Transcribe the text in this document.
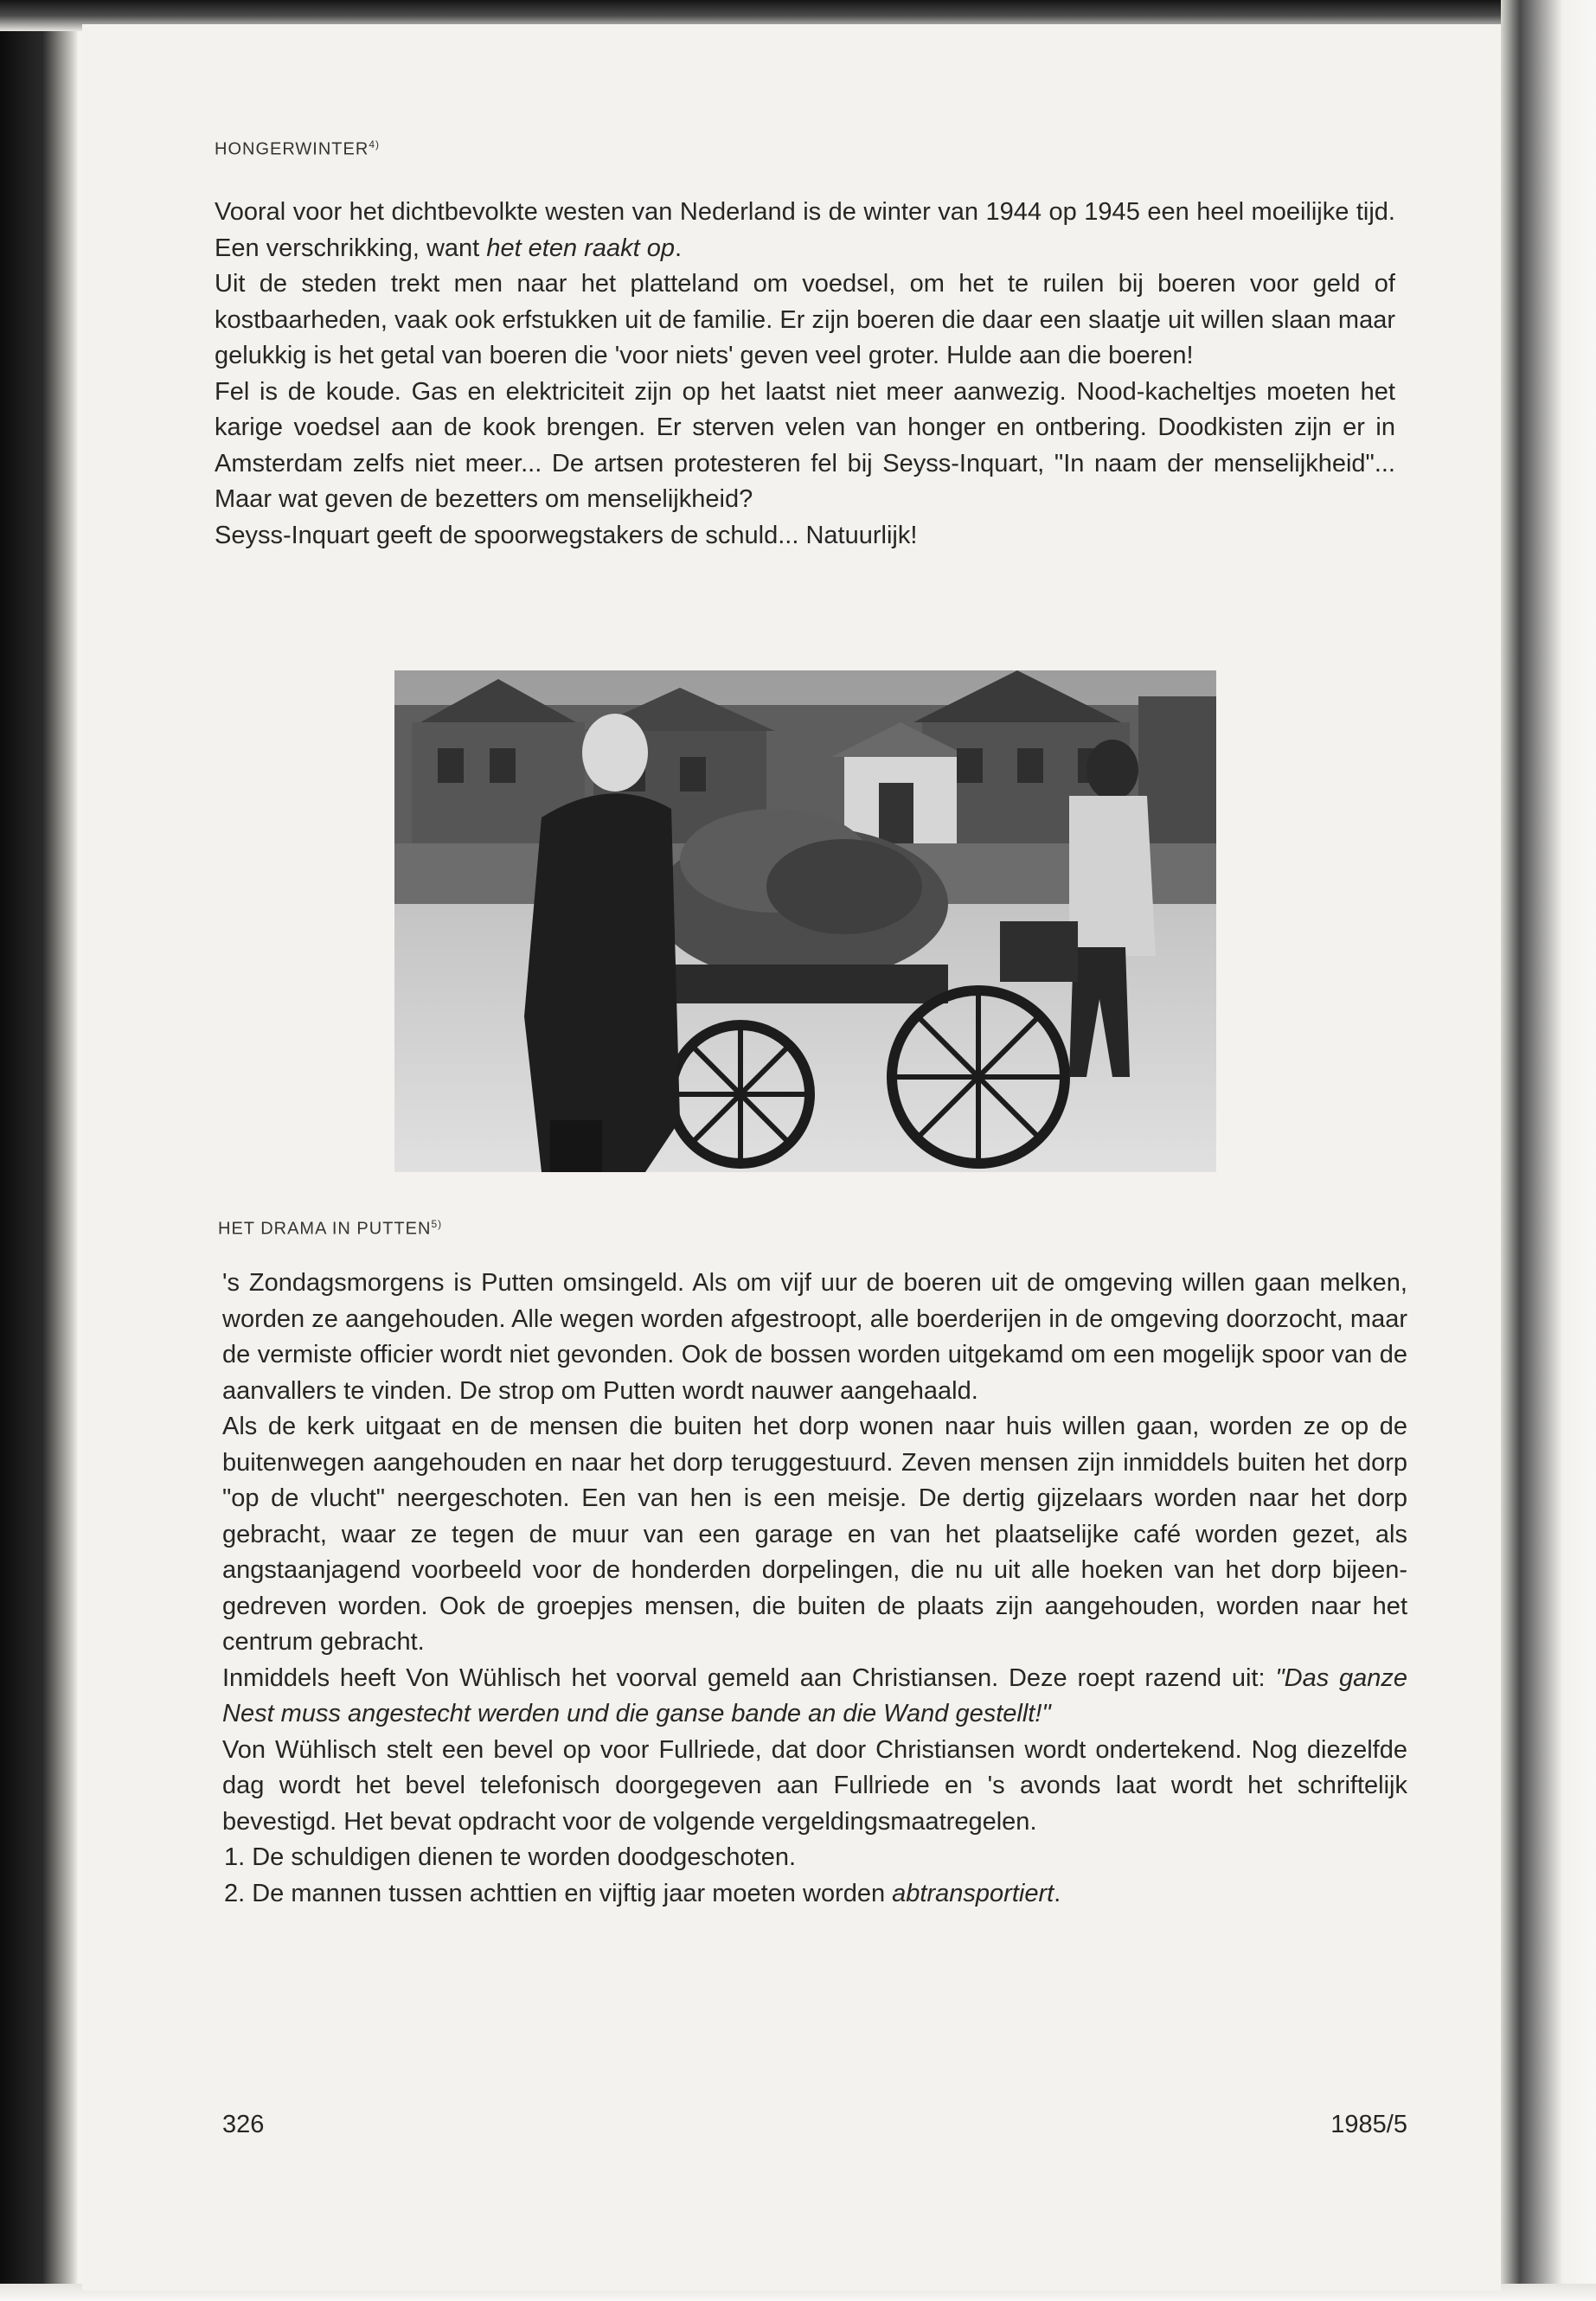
HONGERWINTER$^{4)}$

Vooral voor het dichtbevolkte westen van Nederland is de winter van 1944 op 1945 een heel moeilijke tijd. Een verschrikking, want het eten raakt op.

Uit de steden trekt men naar het platteland om voedsel, om het te ruilen bij boeren voor geld of kostbaarheden, vaak ook erfstukken uit de familie. Er zijn boeren die daar een slaatje uit willen slaan maar gelukkig is het getal van boeren die 'voor niets' geven veel groter. Hulde aan die boeren!

Fel is de koude. Gas en elektriciteit zijn op het laatst niet meer aanwezig. Nood-kacheltjes moeten het karige voedsel aan de kook brengen. Er sterven velen van honger en ontbering. Doodkisten zijn er in Amsterdam zelfs niet meer... De artsen protesteren fel bij Seyss-Inquart, "In naam der menselijkheid"... Maar wat geven de bezetters om menselijkheid?

Seyss-Inquart geeft de spoorwegstakers de schuld... Natuurlijk!

HET DRAMA IN PUTTEN$^{5)}$

's Zondagsmorgens is Putten omsingeld. Als om vijf uur de boeren uit de omgeving willen gaan melken, worden ze aangehouden. Alle wegen worden afgestroopt, alle boerderijen in de omgeving doorzocht, maar de vermiste officier wordt niet gevonden. Ook de bossen worden uitgekamd om een mogelijk spoor van de aanvallers te vinden. De strop om Putten wordt nauwer aangehaald.

Als de kerk uitgaat en de mensen die buiten het dorp wonen naar huis willen gaan, worden ze op de buitenwegen aangehouden en naar het dorp teruggestuurd. Zeven mensen zijn inmiddels buiten het dorp "op de vlucht" neergeschoten. Een van hen is een meisje. De dertig gijzelaars worden naar het dorp gebracht, waar ze tegen de muur van een garage en van het plaatselijke café worden gezet, als angstaanjagend voorbeeld voor de honderden dorpelingen, die nu uit alle hoeken van het dorp bijeen-gedreven worden. Ook de groepjes mensen, die buiten de plaats zijn aangehouden, worden naar het centrum gebracht.

Inmiddels heeft Von Wühlisch het voorval gemeld aan Christiansen. Deze roept razend uit: "Das ganze Nest muss angestecht werden und die ganse bande an die Wand gestellt!"

Von Wühlisch stelt een bevel op voor Fullriede, dat door Christiansen wordt ondertekend. Nog diezelfde dag wordt het bevel telefonisch doorgegeven aan Fullriede en 's avonds laat wordt het schriftelijk bevestigd. Het bevat opdracht voor de volgende vergeldingsmaatregelen.

1. De schuldigen dienen te worden doodgeschoten.

2. De mannen tussen achttien en vijftig jaar moeten worden abtransportiert.

326	1985/5
